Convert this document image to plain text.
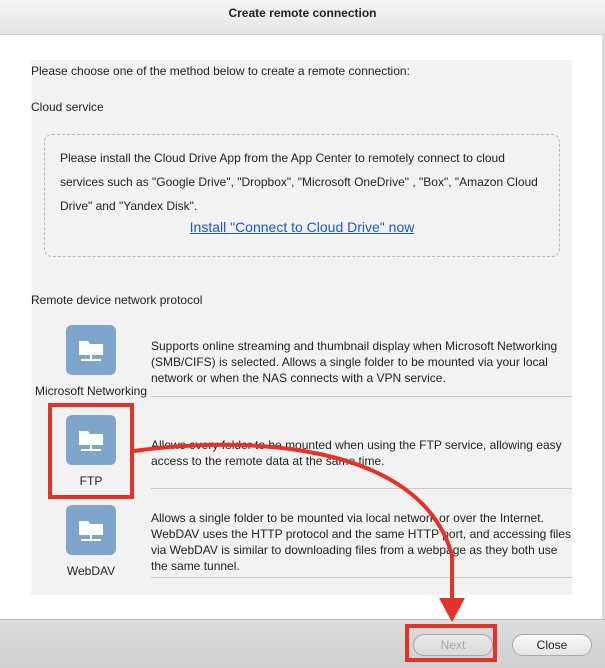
Create remote connection
Please choose one of the method below to create a remote connection:
Cloud service
Please install the Cloud Drive App from the App Center to remotely connect to cloud services such as "Google Drive", "Dropbox", "Microsoft OneDrive" , "Box", "Amazon Cloud Drive" and "Yandex Disk".
Install "Connect to Cloud Drive" now
Remote device network protocol
Microsoft Networking
Supports online streaming and thumbnail display when Microsoft Networking (SMB/CIFS) is selected. Allows a single folder to be mounted via your local network or when the NAS connects with a VPN service.
FTP
Allows every folder to be mounted when using the FTP service, allowing easy access to the remote data at the same time.
WebDAV
Allows a single folder to be mounted via local network or over the Internet. WebDAV uses the HTTP protocol and the same HTTP port, and accessing files via WebDAV is similar to downloading files from a webpage as they both use the same tunnel.
Next	Close
